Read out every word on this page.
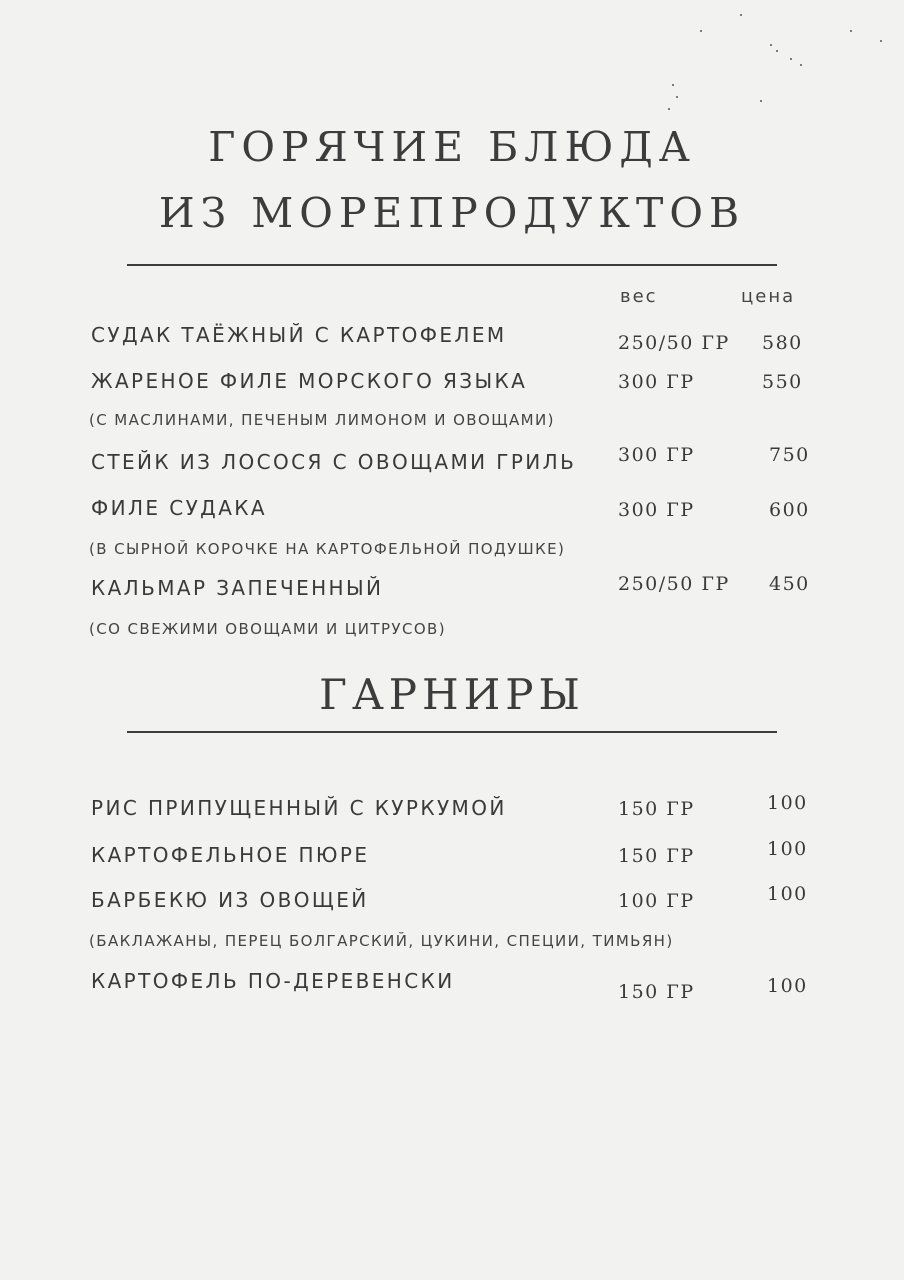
ГОРЯЧИЕ БЛЮДА
ИЗ МОРЕПРОДУКТОВ
вес	цена
СУДАК ТАЁЖНЫЙ С КАРТОФЕЛЕМ	250/50 ГР 580
ЖАРЕНОЕ ФИЛЕ МОРСКОГО ЯЗЫКА	300 ГР	550
(С МАСЛИНАМИ, ПЕЧЕНЫМ ЛИМОНОМ И ОВОЩАМИ)
СТЕЙК ИЗ ЛОСОСЯ С ОВОЩАМИ ГРИЛЬ 300 ГР	750
ФИЛЕ СУДАКА	300 ГР	600
(В СЫРНОЙ КОРОЧКЕ НА КАРТОФЕЛЬНОЙ ПОДУШКЕ)
КАЛЬМАР ЗАПЕЧЕННЫЙ	250/50 ГР 450
(СО СВЕЖИМИ ОВОЩАМИ И ЦИТРУСОВ)
ГАРНИРЫ
РИС ПРИПУЩЕННЫЙ С КУРКУМОЙ	150 ГР	100
КАРТОФЕЛЬНОЕ ПЮРЕ	150 ГР	100
БАРБЕКЮ ИЗ ОВОЩЕЙ	100 ГР	100
(БАКЛАЖАНЫ, ПЕРЕЦ БОЛГАРСКИЙ, ЦУКИНИ, СПЕЦИИ, ТИМЬЯН)
КАРТОФЕЛЬ ПО-ДЕРЕВЕНСКИ	150 ГР	100
